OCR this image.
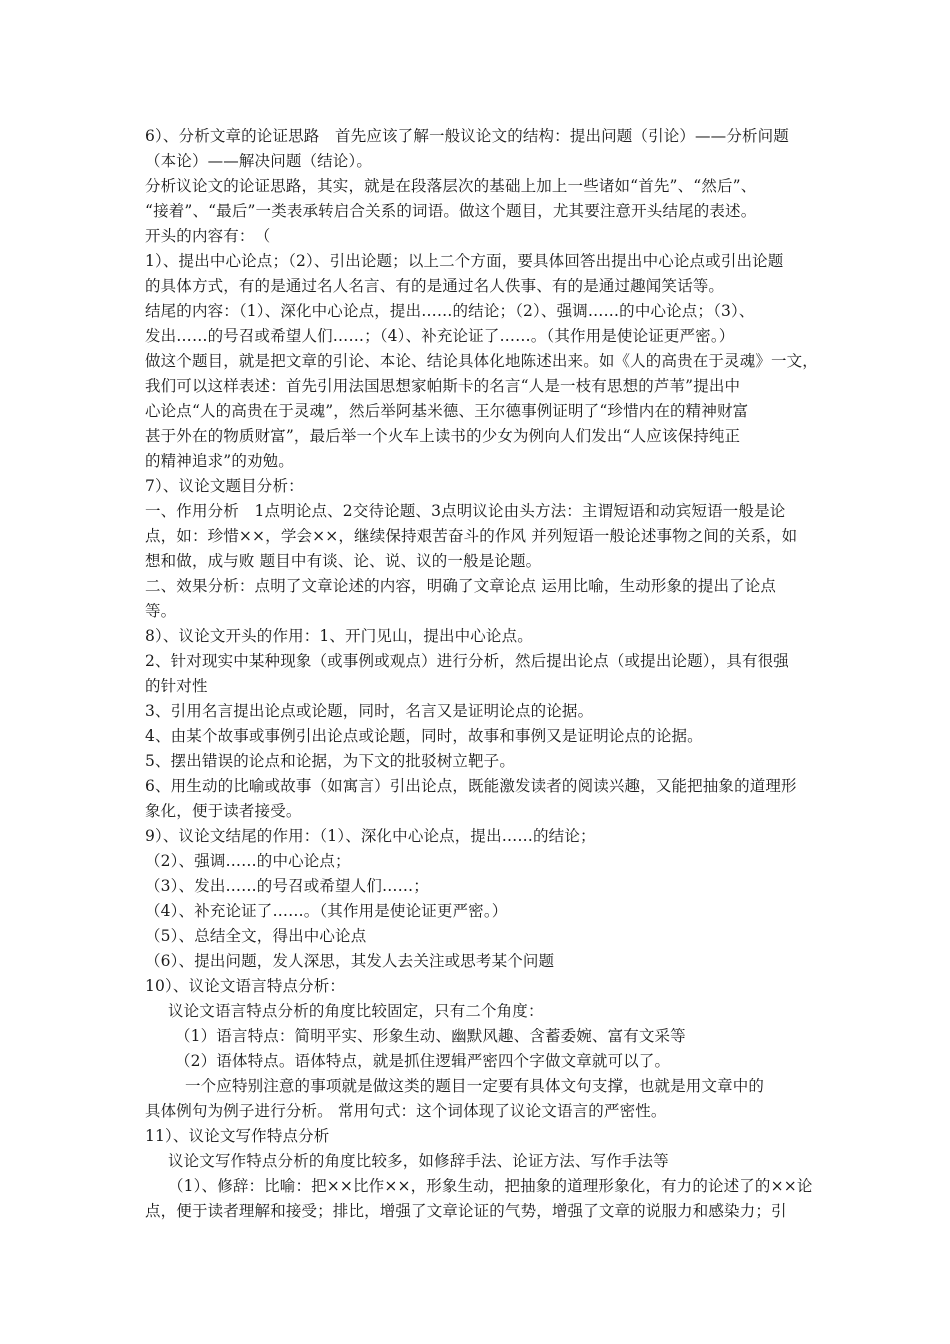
6）、分析文章的论证思路　首先应该了解一般议论文的结构：提出问题（引论）——分析问题
（本论）——解决问题（结论）。
分析议论文的论证思路，其实，就是在段落层次的基础上加上一些诸如“首先”、“然后”、
“接着”、“最后”一类表承转启合关系的词语。做这个题目，尤其要注意开头结尾的表述。
开头的内容有：　（
1）、提出中心论点；（2）、引出论题；以上二个方面，要具体回答出提出中心论点或引出论题
的具体方式，有的是通过名人名言、有的是通过名人佚事、有的是通过趣闻笑话等。
结尾的内容：（1）、深化中心论点，提出……的结论；（2）、强调……的中心论点；（3）、
发出……的号召或希望人们……；（4）、补充论证了……。（其作用是使论证更严密。）
做这个题目，就是把文章的引论、本论、结论具体化地陈述出来。如《人的高贵在于灵魂》一文，
我们可以这样表述：首先引用法国思想家帕斯卡的名言“人是一枝有思想的芦苇”提出中
心论点“人的高贵在于灵魂”，然后举阿基米德、王尔德事例证明了“珍惜内在的精神财富
甚于外在的物质财富”，最后举一个火车上读书的少女为例向人们发出“人应该保持纯正
的精神追求”的劝勉。
7）、议论文题目分析：
一、作用分析　1点明论点、2交待论题、3点明议论由头方法：主谓短语和动宾短语一般是论
点，如：珍惜××，学会××，继续保持艰苦奋斗的作风 并列短语一般论述事物之间的关系，如
想和做，成与败 题目中有谈、论、说、议的一般是论题。
二、效果分析：点明了文章论述的内容，明确了文章论点 运用比喻，生动形象的提出了论点
等。
8）、议论文开头的作用：1、开门见山，提出中心论点。
2、针对现实中某种现象（或事例或观点）进行分析，然后提出论点（或提出论题），具有很强
的针对性
3、引用名言提出论点或论题，同时，名言又是证明论点的论据。
4、由某个故事或事例引出论点或论题，同时，故事和事例又是证明论点的论据。
5、摆出错误的论点和论据，为下文的批驳树立靶子。
6、用生动的比喻或故事（如寓言）引出论点，既能激发读者的阅读兴趣，又能把抽象的道理形
象化，便于读者接受。
9）、议论文结尾的作用：（1）、深化中心论点，提出……的结论；
（2）、强调……的中心论点；
（3）、发出……的号召或希望人们……；
（4）、补充论证了……。（其作用是使论证更严密。）
（5）、总结全文，得出中心论点
（6）、提出问题，发人深思，其发人去关注或思考某个问题
10）、议论文语言特点分析：
议论文语言特点分析的角度比较固定，只有二个角度：
（1）语言特点：简明平实、形象生动、幽默风趣、含蓄委婉、富有文采等
（2）语体特点。语体特点，就是抓住逻辑严密四个字做文章就可以了。
一个应特别注意的事项就是做这类的题目一定要有具体文句支撑，也就是用文章中的
具体例句为例子进行分析。 常用句式：这个词体现了议论文语言的严密性。
11）、议论文写作特点分析
议论文写作特点分析的角度比较多，如修辞手法、论证方法、写作手法等
（1）、修辞：比喻：把××比作××，形象生动，把抽象的道理形象化，有力的论述了的××论
点，便于读者理解和接受；排比，增强了文章论证的气势，增强了文章的说服力和感染力；引
